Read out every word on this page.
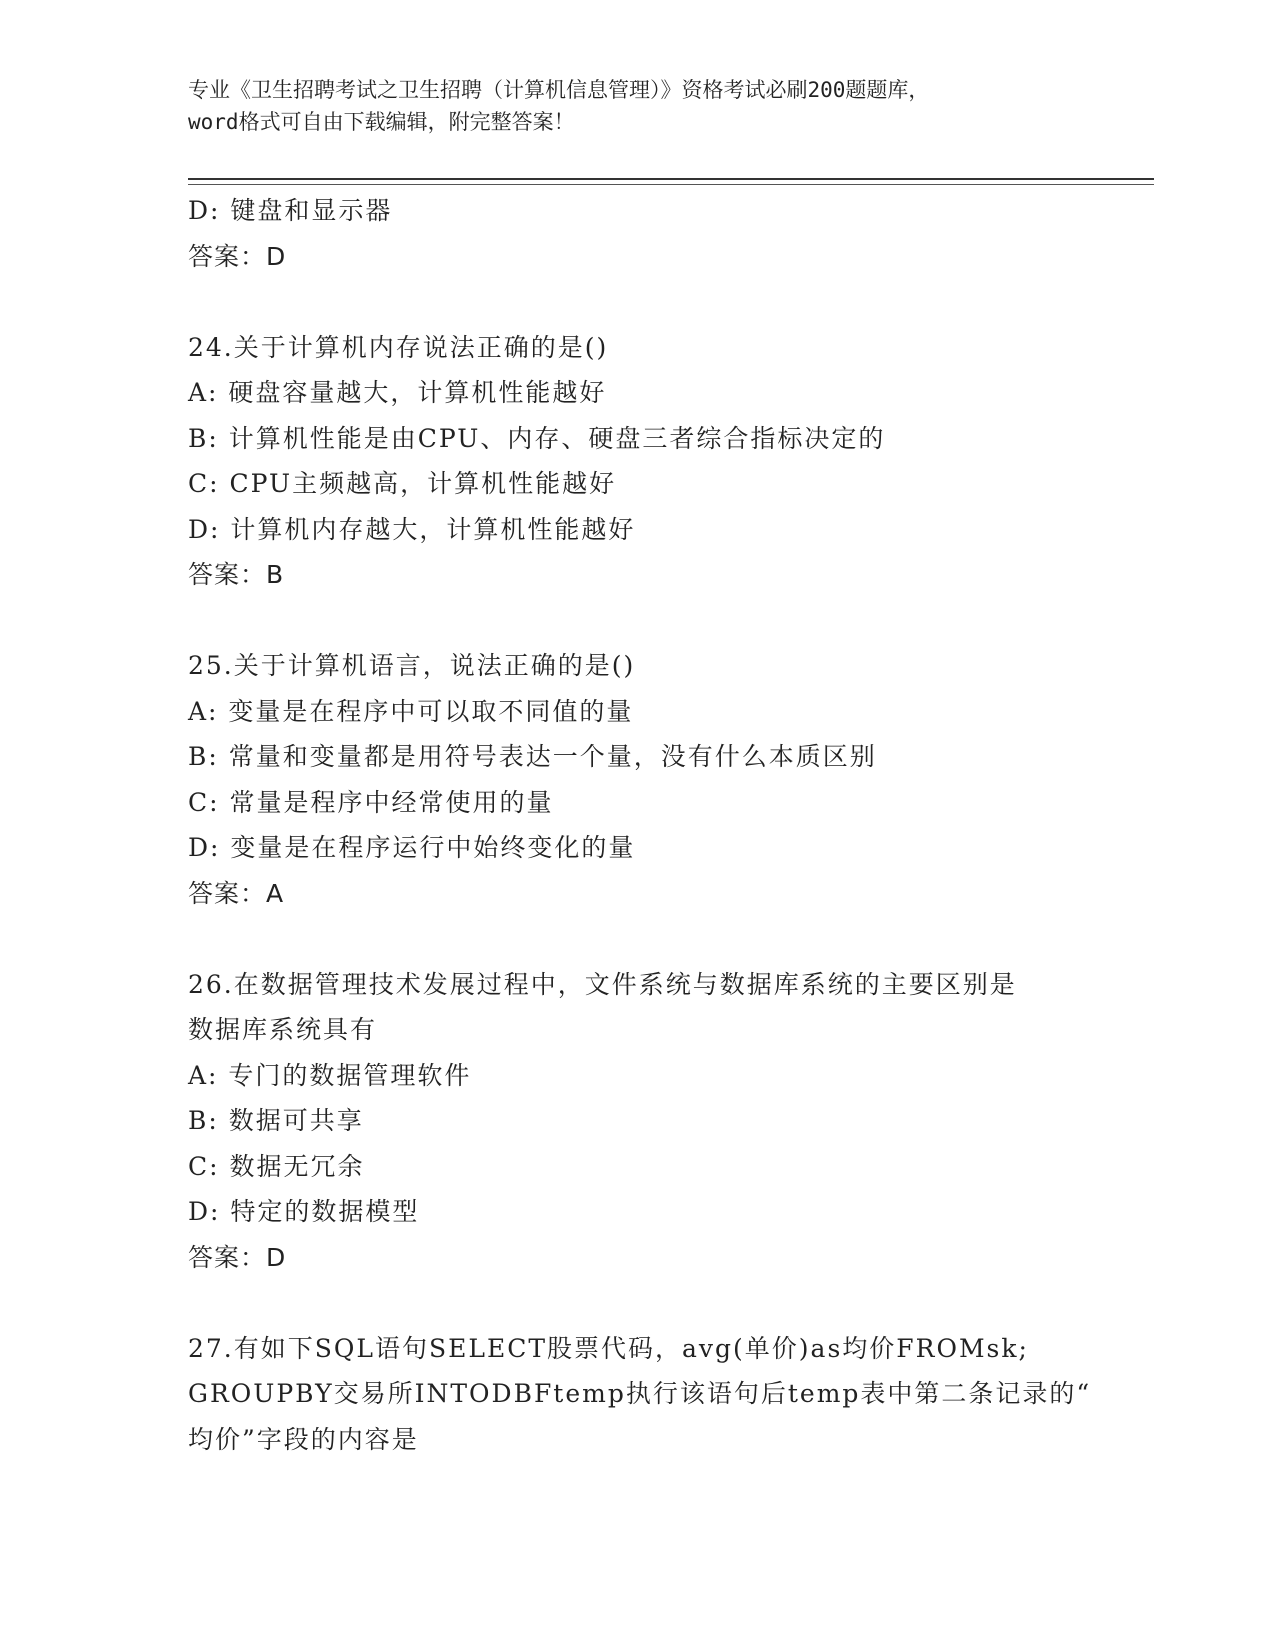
专业《卫生招聘考试之卫生招聘（计算机信息管理）》资格考试必刷200题题库，
word格式可自由下载编辑，附完整答案！
D: 键盘和显示器
答案：D
24.关于计算机内存说法正确的是()
A: 硬盘容量越大，计算机性能越好
B: 计算机性能是由CPU、内存、硬盘三者综合指标决定的
C: CPU主频越高，计算机性能越好
D: 计算机内存越大，计算机性能越好
答案：B
25.关于计算机语言，说法正确的是()
A: 变量是在程序中可以取不同值的量
B: 常量和变量都是用符号表达一个量，没有什么本质区别
C: 常量是程序中经常使用的量
D: 变量是在程序运行中始终变化的量
答案：A
26.在数据管理技术发展过程中，文件系统与数据库系统的主要区别是
数据库系统具有
A: 专门的数据管理软件
B: 数据可共享
C: 数据无冗余
D: 特定的数据模型
答案：D
27.有如下SQL语句SELECT股票代码，avg(单价)as均价FROMsk;
GROUPBY交易所INTODBFtemp执行该语句后temp表中第二条记录的“
均价”字段的内容是
